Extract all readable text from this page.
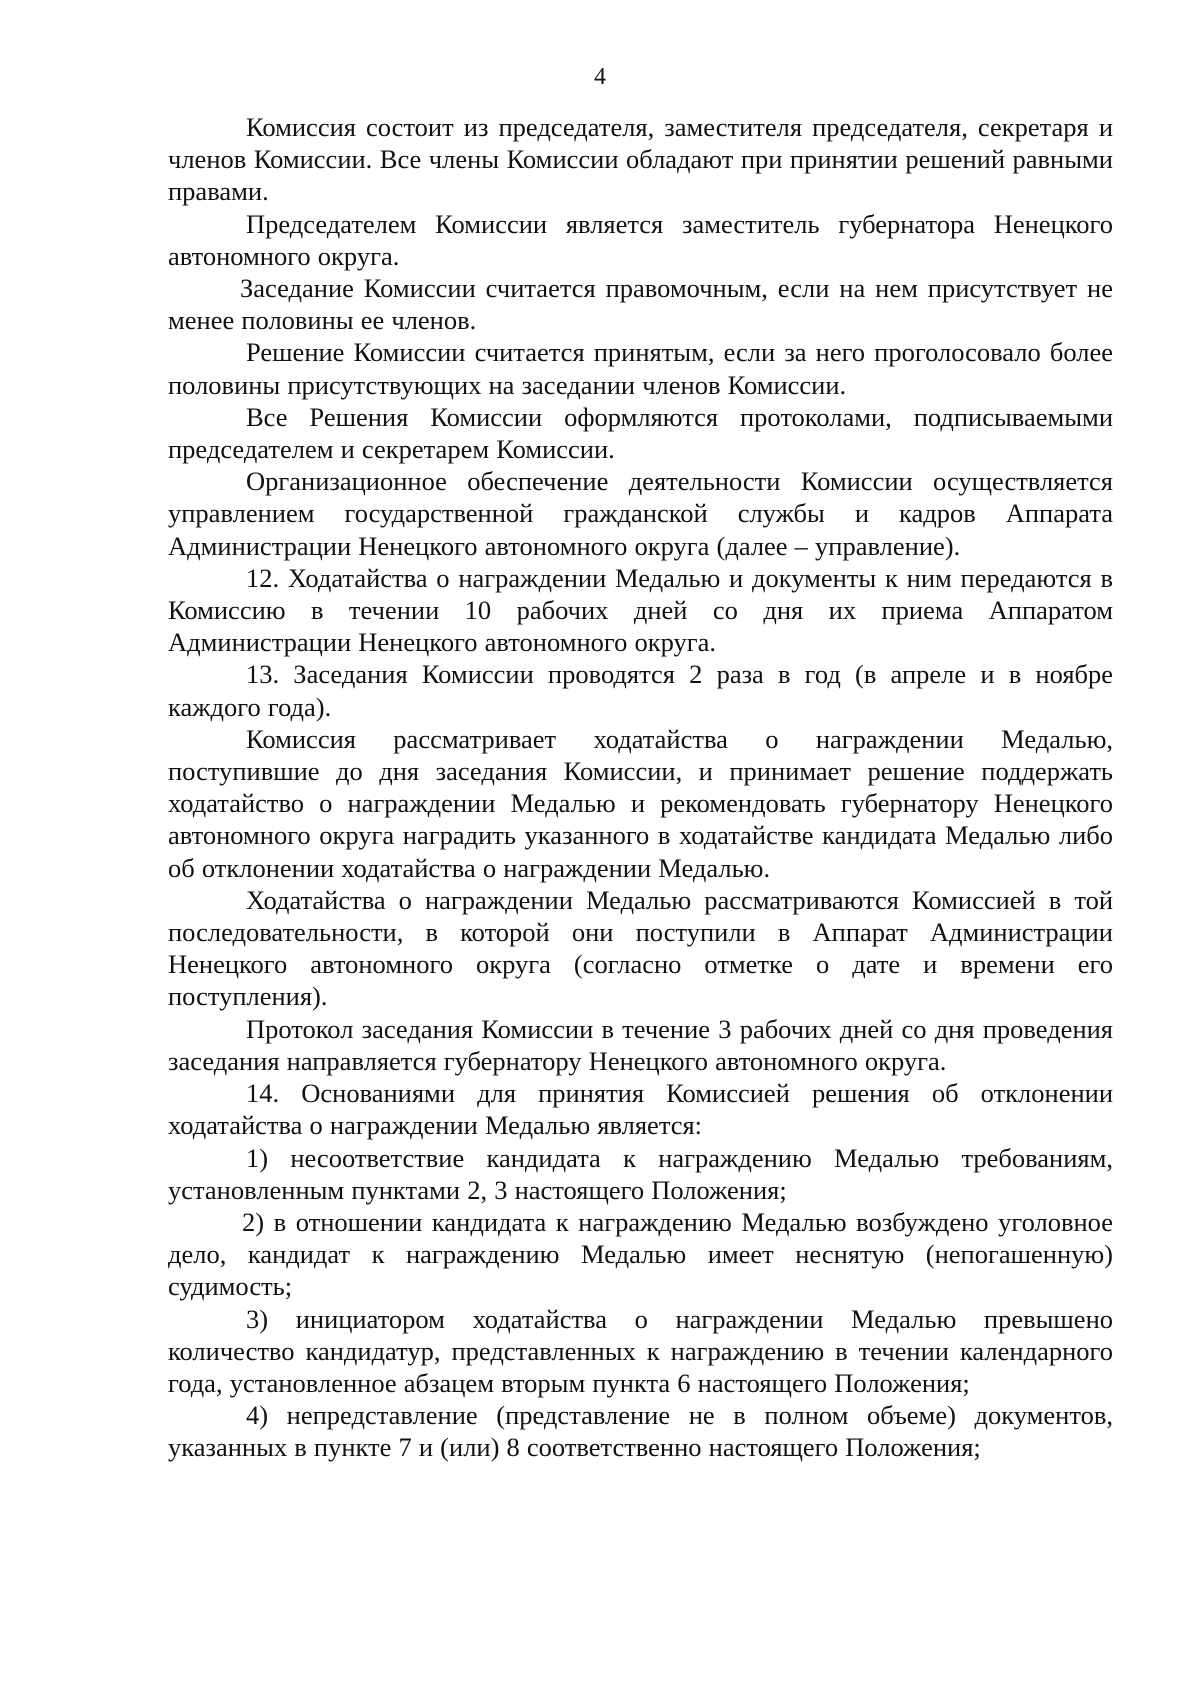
4

Комиссия состоит из председателя, заместителя председателя, секретаря и членов Комиссии. Все члены Комиссии обладают при принятии решений равными правами.

Председателем Комиссии является заместитель губернатора Ненецкого автономного округа.

Заседание Комиссии считается правомочным, если на нем присутствует не менее половины ее членов.

Решение Комиссии считается принятым, если за него проголосовало более половины присутствующих на заседании членов Комиссии.

Все Решения Комиссии оформляются протоколами, подписываемыми председателем и секретарем Комиссии.

Организационное обеспечение деятельности Комиссии осуществляется управлением государственной гражданской службы и кадров Аппарата Администрации Ненецкого автономного округа (далее – управление).

12. Ходатайства о награждении Медалью и документы к ним передаются в Комиссию в течении 10 рабочих дней со дня их приема Аппаратом Администрации Ненецкого автономного округа.

13. Заседания Комиссии проводятся 2 раза в год (в апреле и в ноябре каждого года).

Комиссия рассматривает ходатайства о награждении Медалью, поступившие до дня заседания Комиссии, и принимает решение поддержать ходатайство о награждении Медалью и рекомендовать губернатору Ненецкого автономного округа наградить указанного в ходатайстве кандидата Медалью либо об отклонении ходатайства о награждении Медалью.

Ходатайства о награждении Медалью рассматриваются Комиссией в той последовательности, в которой они поступили в Аппарат Администрации Ненецкого автономного округа (согласно отметке о дате и времени его поступления).

Протокол заседания Комиссии в течение 3 рабочих дней со дня проведения заседания направляется губернатору Ненецкого автономного округа.

14. Основаниями для принятия Комиссией решения об отклонении ходатайства о награждении Медалью является:

1) несоответствие кандидата к награждению Медалью требованиям, установленным пунктами 2, 3 настоящего Положения;

2) в отношении кандидата к награждению Медалью возбуждено уголовное дело, кандидат к награждению Медалью имеет неснятую (непогашенную) судимость;

3) инициатором ходатайства о награждении Медалью превышено количество кандидатур, представленных к награждению в течении календарного года, установленное абзацем вторым пункта 6 настоящего Положения;

4) непредставление (представление не в полном объеме) документов, указанных в пункте 7 и (или) 8 соответственно настоящего Положения;
